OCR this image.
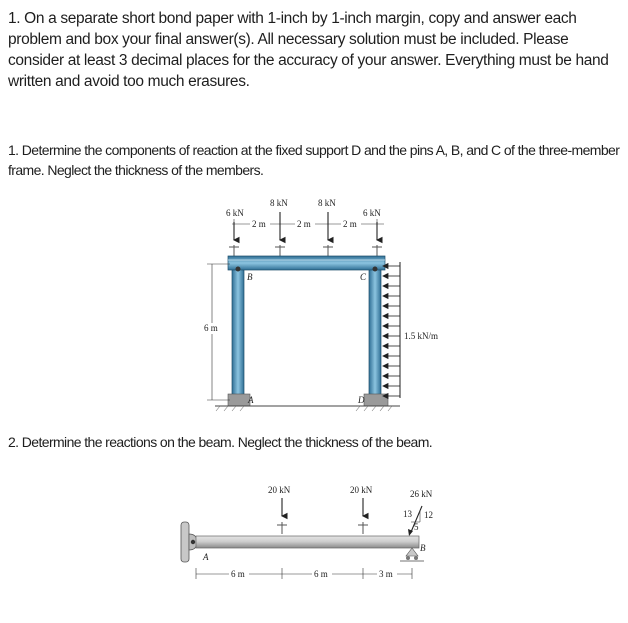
1. On a separate short bond paper with 1-inch by 1-inch margin, copy and answer each problem and box your final answer(s). All necessary solution must be included. Please consider at least 3 decimal places for the accuracy of your answer. Everything must be hand written and avoid too much erasures.

1. Determine the components of reaction at the fixed support D and the pins A, B, and C of the three-member frame. Neglect the thickness of the members.

2. Determine the reactions on the beam. Neglect the thickness of the beam.

2 m	2 m	2 m
6 kN
8 kN	8 kN
6 kN
B	C
A	D
6 m
1.5 kN/m
20 kN	20 kN	26 kN
13 12
5
B
A
6 m	6 m	3 m
